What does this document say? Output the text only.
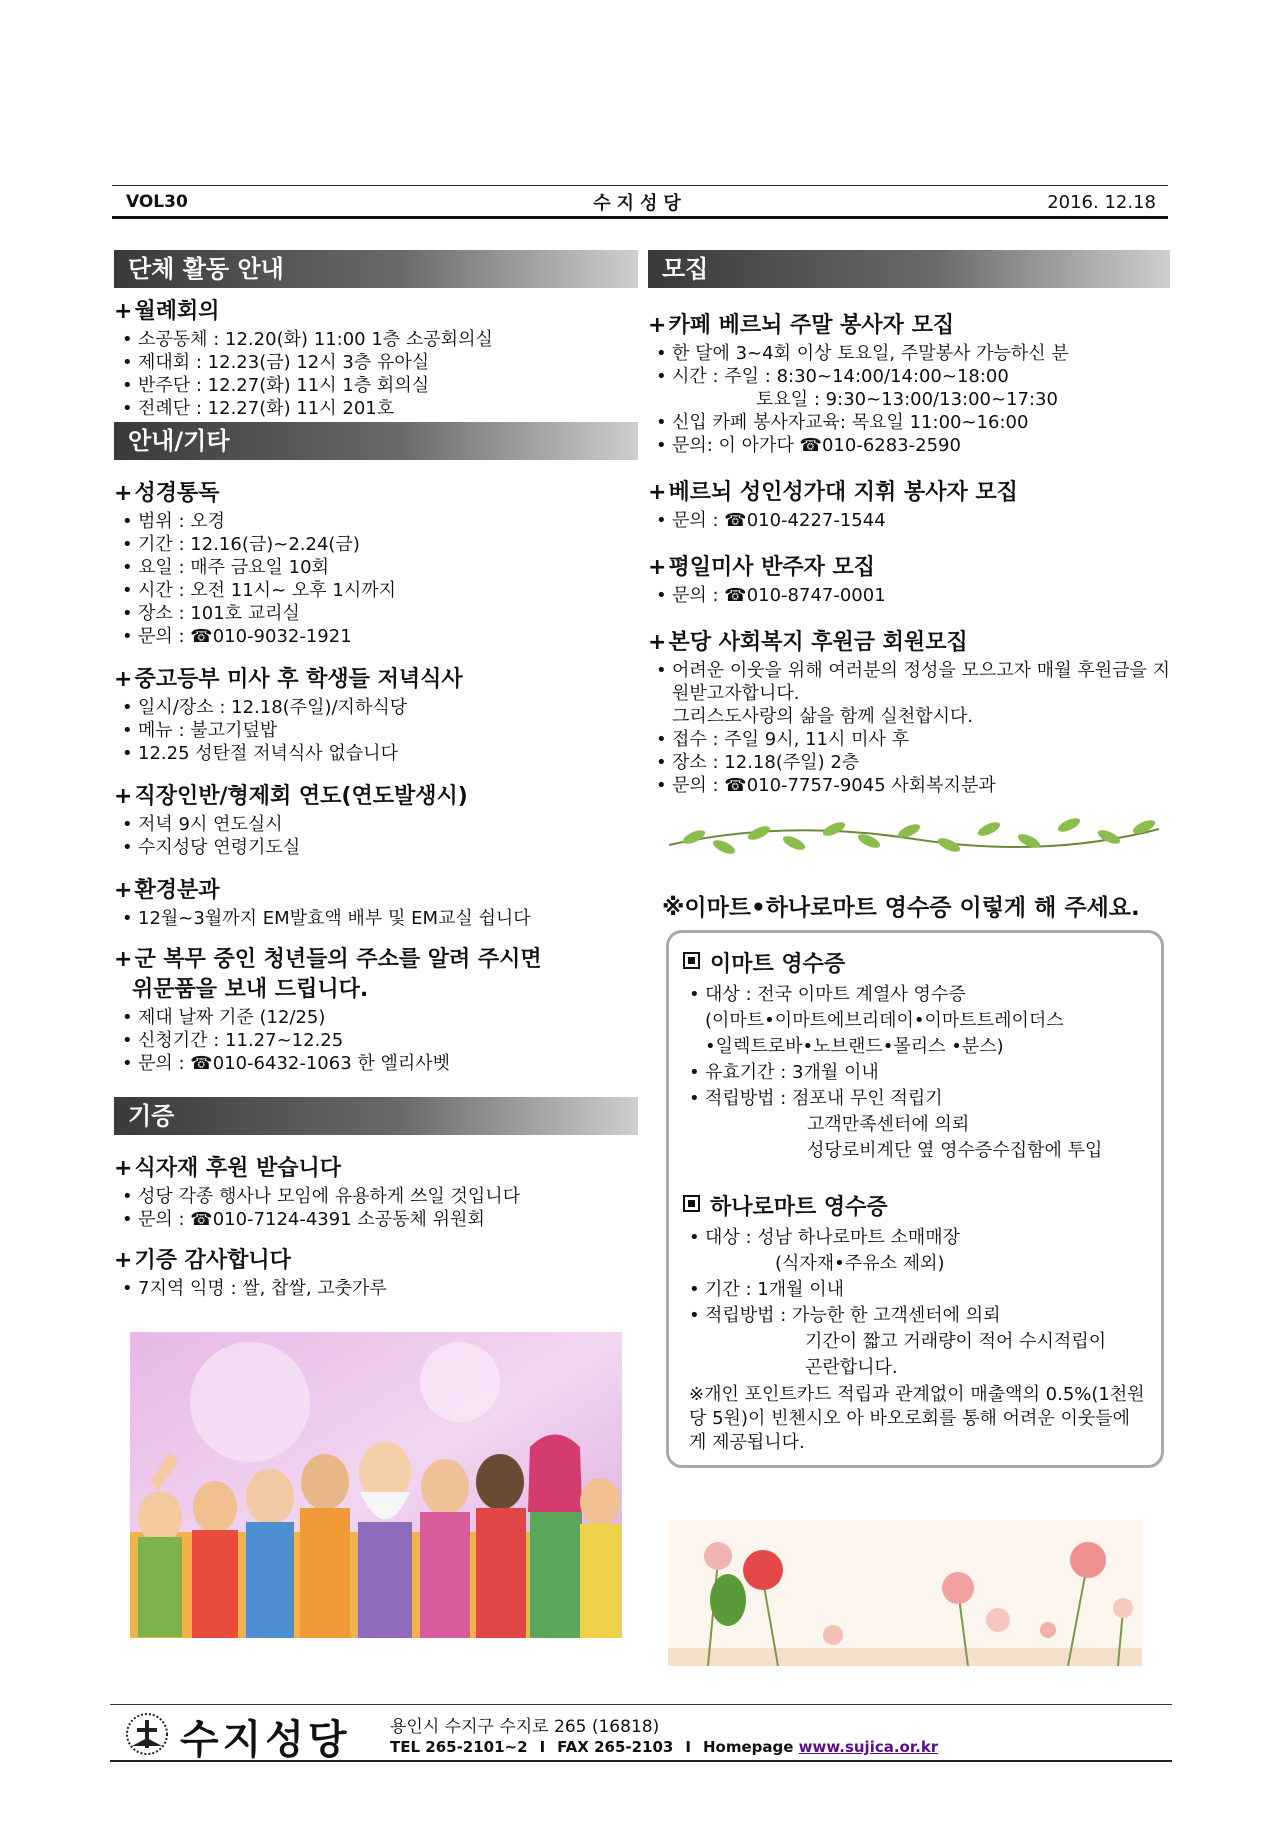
VOL30	수지성당	2016. 12.18
단체 활동 안내
+월례회의
• 소공동체 : 12.20(화) 11:00 1층 소공회의실
• 제대회 : 12.23(금) 12시 3층 유아실
• 반주단 : 12.27(화) 11시 1층 회의실
• 전례단 : 12.27(화) 11시 201호
안내/기타
+성경통독
• 범위 : 오경
• 기간 : 12.16(금)~2.24(금)
• 요일 : 매주 금요일 10회
• 시간 : 오전 11시~ 오후 1시까지
• 장소 : 101호 교리실
• 문의 : ☎010-9032-1921
+중고등부 미사 후 학생들 저녁식사
• 일시/장소 : 12.18(주일)/지하식당
• 메뉴 : 불고기덮밥
• 12.25 성탄절 저녁식사 없습니다
+직장인반/형제회 연도(연도발생시)
• 저녁 9시 연도실시
• 수지성당 연령기도실
+환경분과
• 12월~3월까지 EM발효액 배부 및 EM교실 쉽니다
+군 복무 중인 청년들의 주소를 알려 주시면
위문품을 보내 드립니다.
• 제대 날짜 기준 (12/25)
• 신청기간 : 11.27~12.25
• 문의 : ☎010-6432-1063 한 엘리사벳
기증
+식자재 후원 받습니다
• 성당 각종 행사나 모임에 유용하게 쓰일 것입니다
• 문의 : ☎010-7124-4391 소공동체 위원회
+기증 감사합니다
• 7지역 익명 : 쌀, 찹쌀, 고춧가루
모집
+카페 베르뇌 주말 봉사자 모집
• 한 달에 3~4회 이상 토요일, 주말봉사 가능하신 분
• 시간 : 주일 : 8:30~14:00/14:00~18:00
토요일 : 9:30~13:00/13:00~17:30
• 신입 카페 봉사자교육: 목요일 11:00~16:00
• 문의: 이 아가다 ☎010-6283-2590
+베르뇌 성인성가대 지휘 봉사자 모집
• 문의 : ☎010-4227-1544
+평일미사 반주자 모집
• 문의 : ☎010-8747-0001
+본당 사회복지 후원금 회원모집
• 어려운 이웃을 위해 여러분의 정성을 모으고자 매월 후원금을 지원받고자합니다.
그리스도사랑의 삶을 함께 실천합시다.
• 접수 : 주일 9시, 11시 미사 후
• 장소 : 12.18(주일) 2층
• 문의 : ☎010-7757-9045 사회복지분과
※이마트•하나로마트 영수증 이렇게 해 주세요.
이마트 영수증
• 대상 : 전국 이마트 계열사 영수증
(이마트•이마트에브리데이•이마트트레이더스
•일렉트로바•노브랜드•몰리스 •분스)
• 유효기간 : 3개월 이내
• 적립방법 : 점포내 무인 적립기
고객만족센터에 의뢰
성당로비계단 옆 영수증수집함에 투입
하나로마트 영수증
• 대상 : 성남 하나로마트 소매매장
(식자재•주유소 제외)
• 기간 : 1개월 이내
• 적립방법 : 가능한 한 고객센터에 의뢰
기간이 짧고 거래량이 적어 수시적립이
곤란합니다.

※개인 포인트카드 적립과 관계없이 매출액의 0.5%(1천원당 5원)이 빈첸시오 아 바오로회를 통해 어려운 이웃들에게 제공됩니다.

수지성당 용인시 수지구 수지로 265 (16818)
TEL 265-2101~2 I FAX 265-2103 I Homepage www.sujica.or.kr
